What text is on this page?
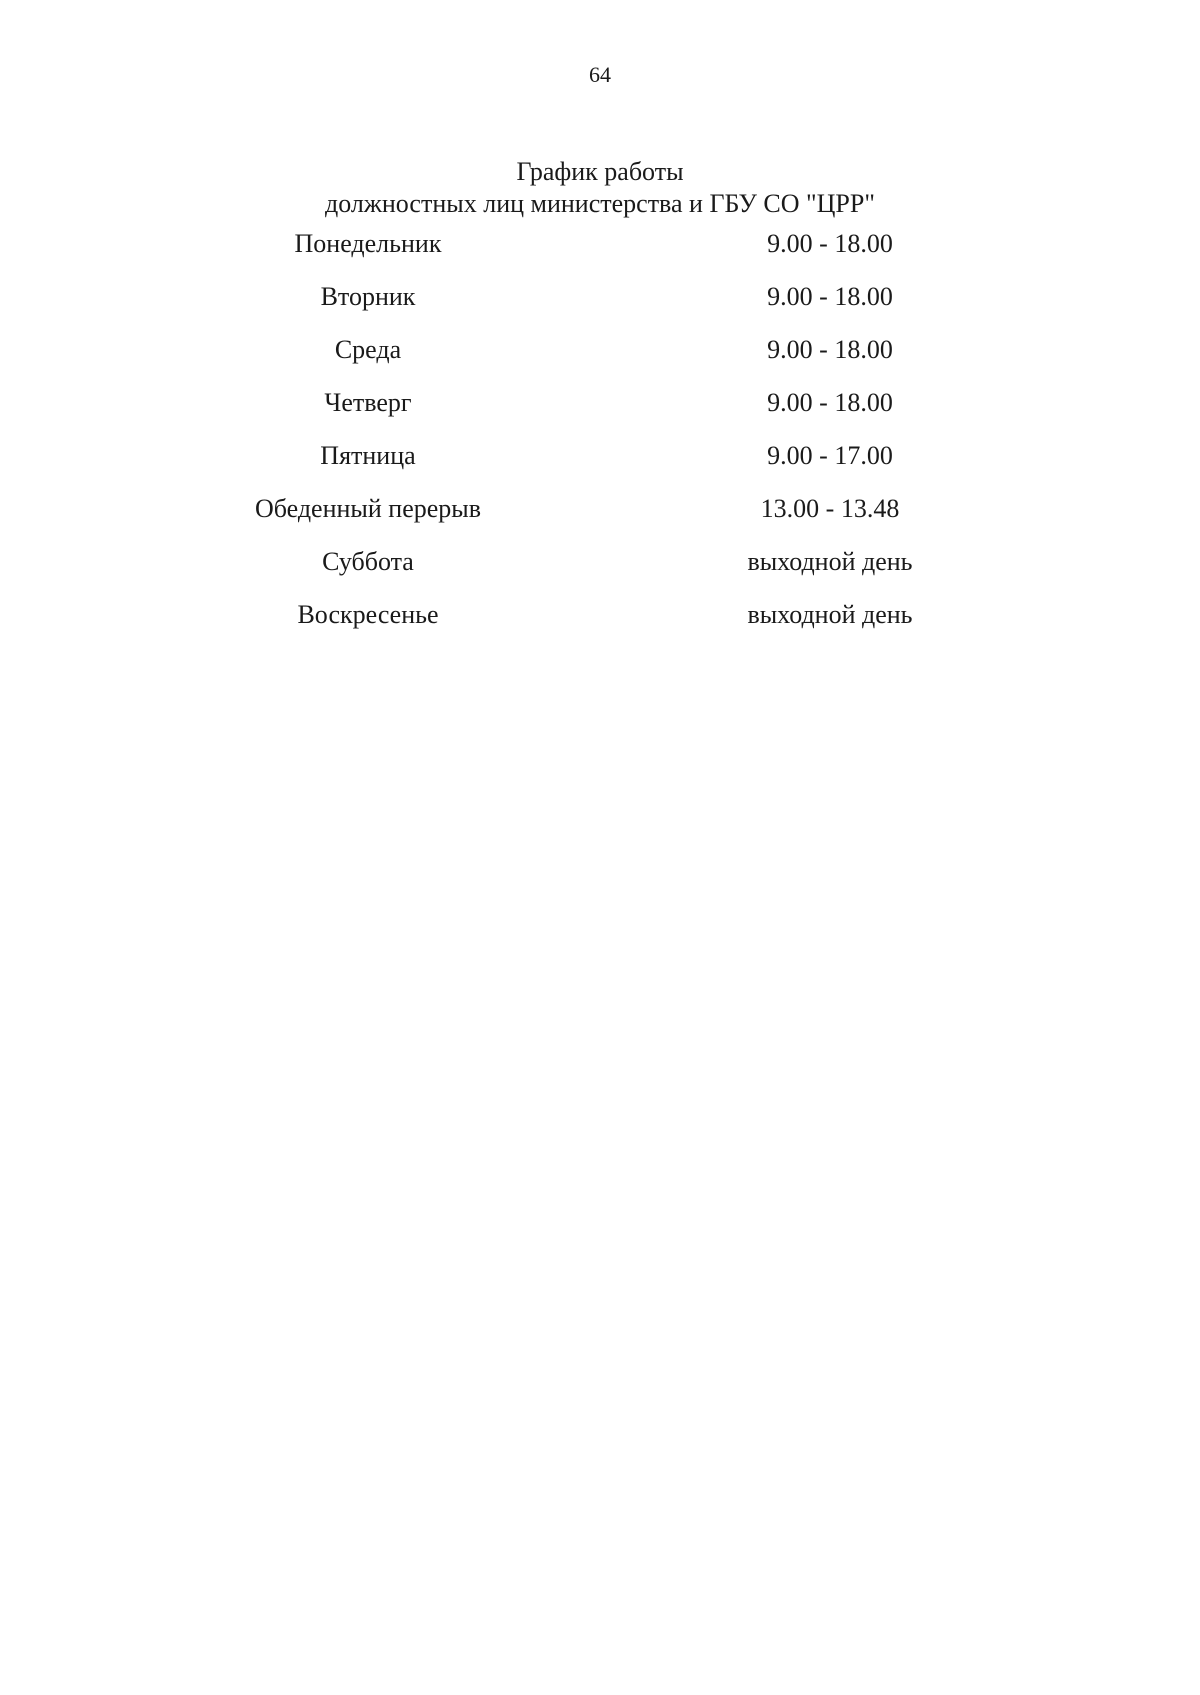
64
График работы
должностных лиц министерства и ГБУ СО "ЦРР"
Понедельник	9.00 - 18.00
Вторник	9.00 - 18.00
Среда	9.00 - 18.00
Четверг	9.00 - 18.00
Пятница	9.00 - 17.00
Обеденный перерыв	13.00 - 13.48
Суббота	выходной день
Воскресенье	выходной день
